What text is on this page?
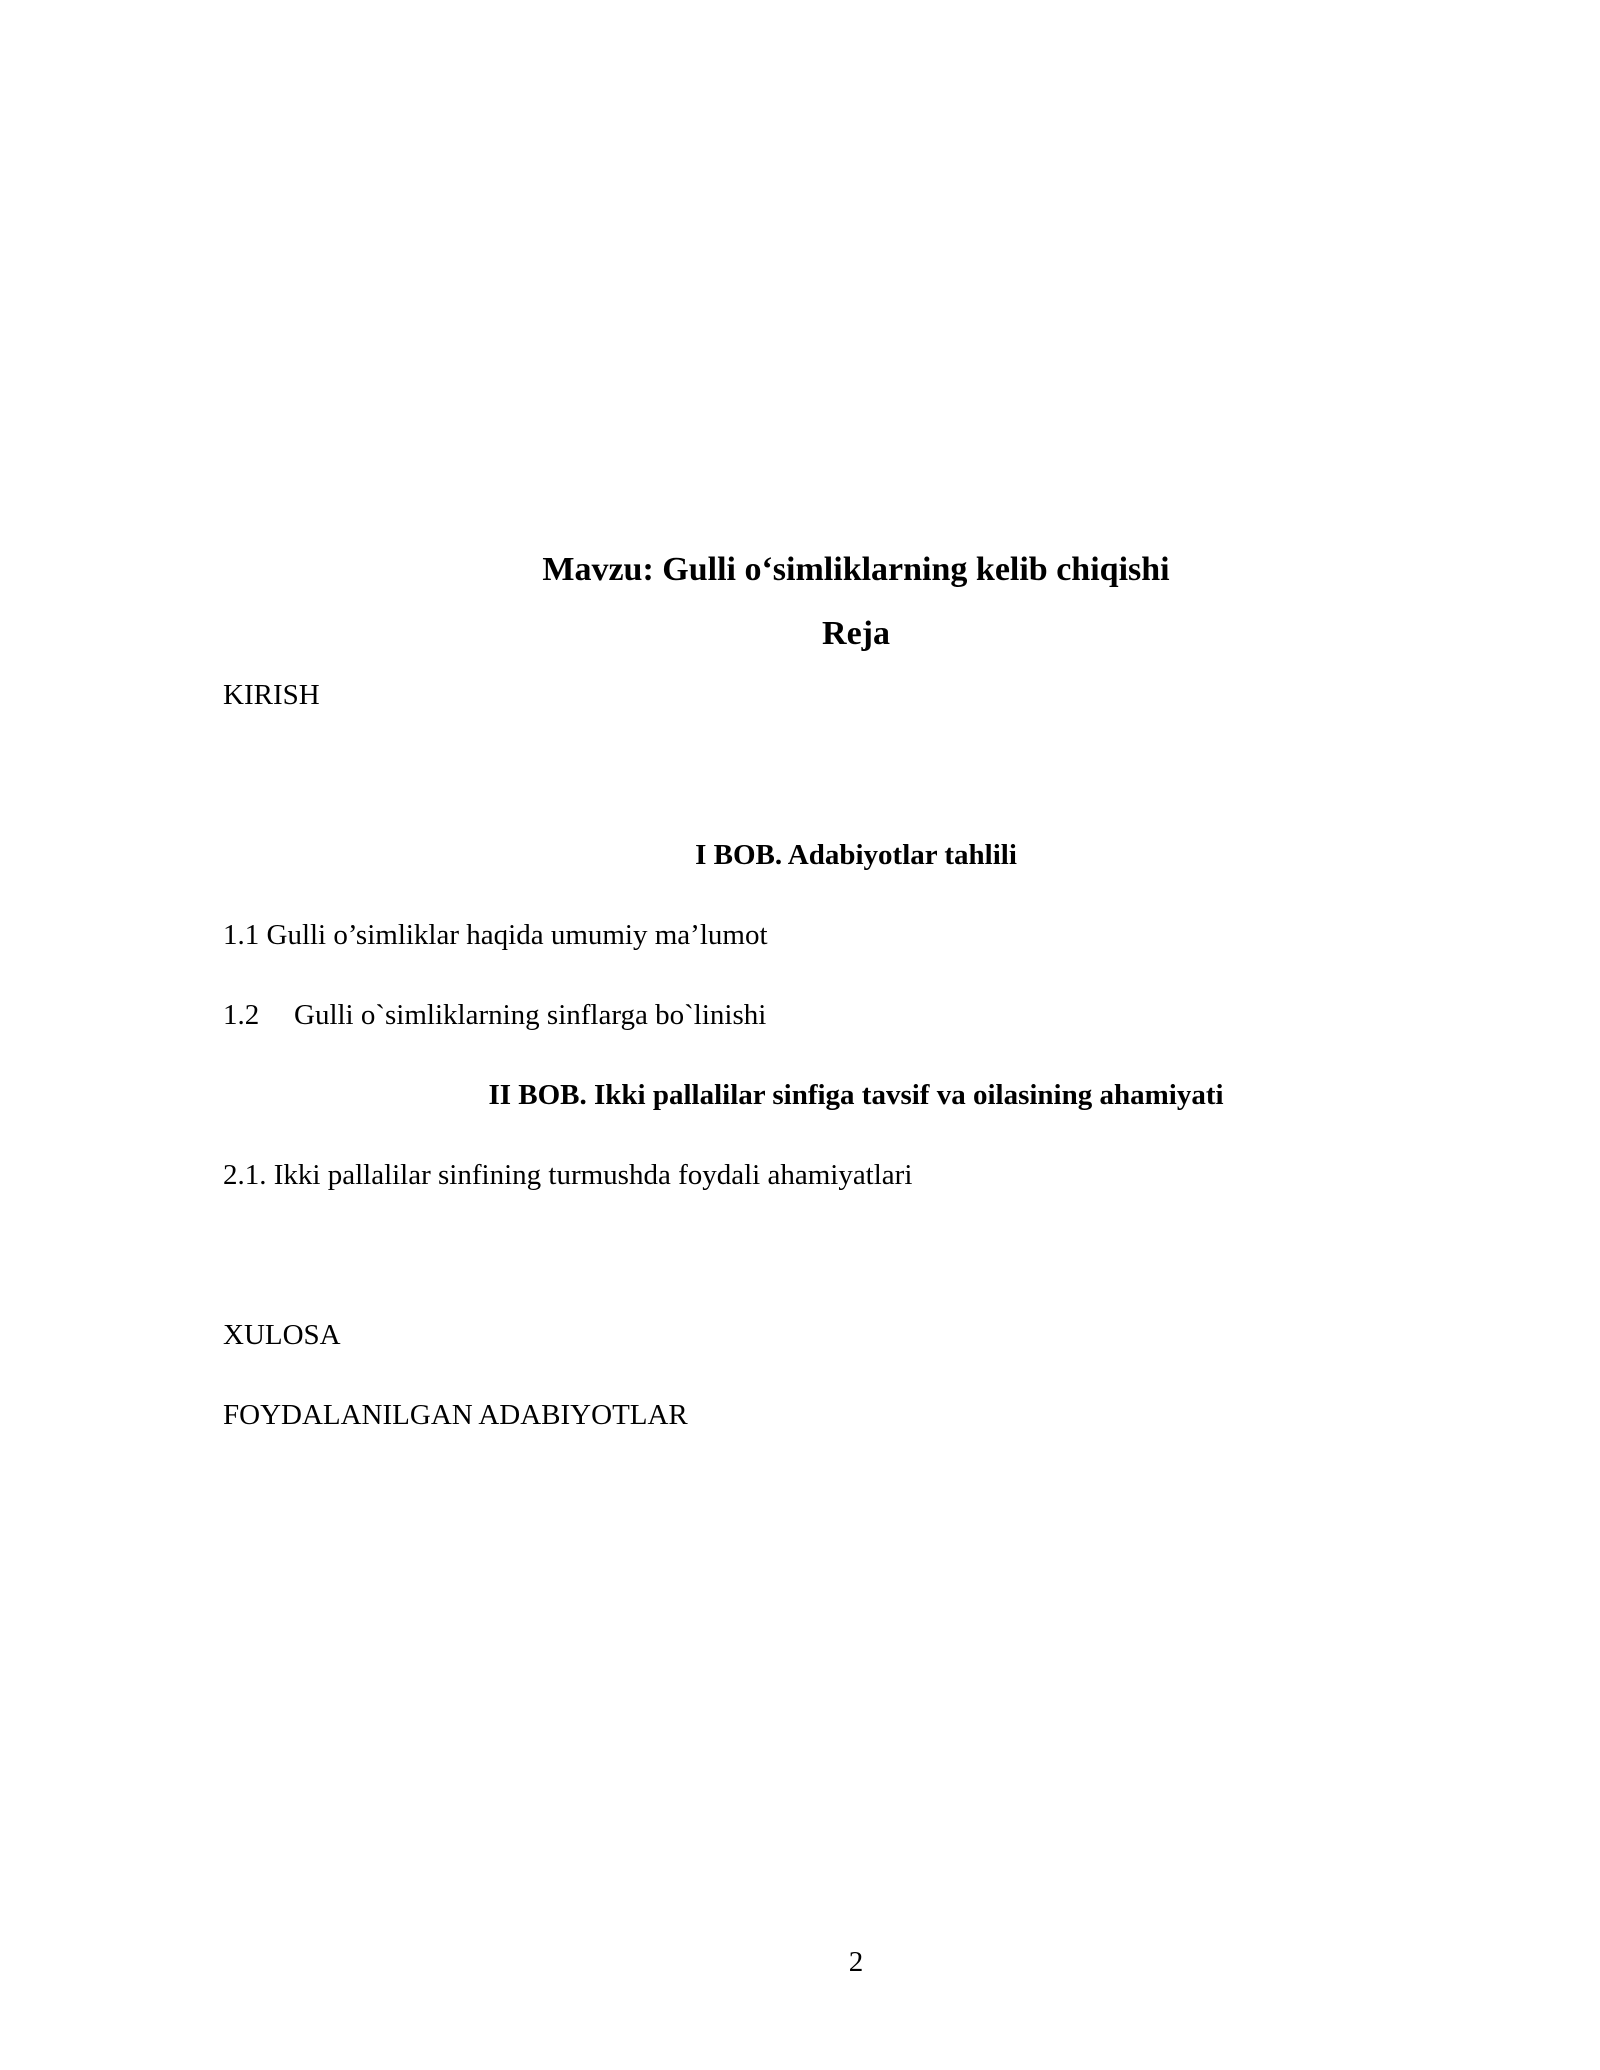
Mavzu: Gulli o‘simliklarning kelib chiqishi
Reja
KIRISH
I BOB. Adabiyotlar tahlili
1.1 Gulli o’simliklar haqida umumiy ma’lumot
1.2 Gulli o`simliklarning sinflarga bo`linishi
II BOB. Ikki pallalilar sinfiga tavsif va oilasining ahamiyati
2.1. Ikki pallalilar sinfining turmushda foydali ahamiyatlari
XULOSA
FOYDALANILGAN ADABIYOTLAR
2
